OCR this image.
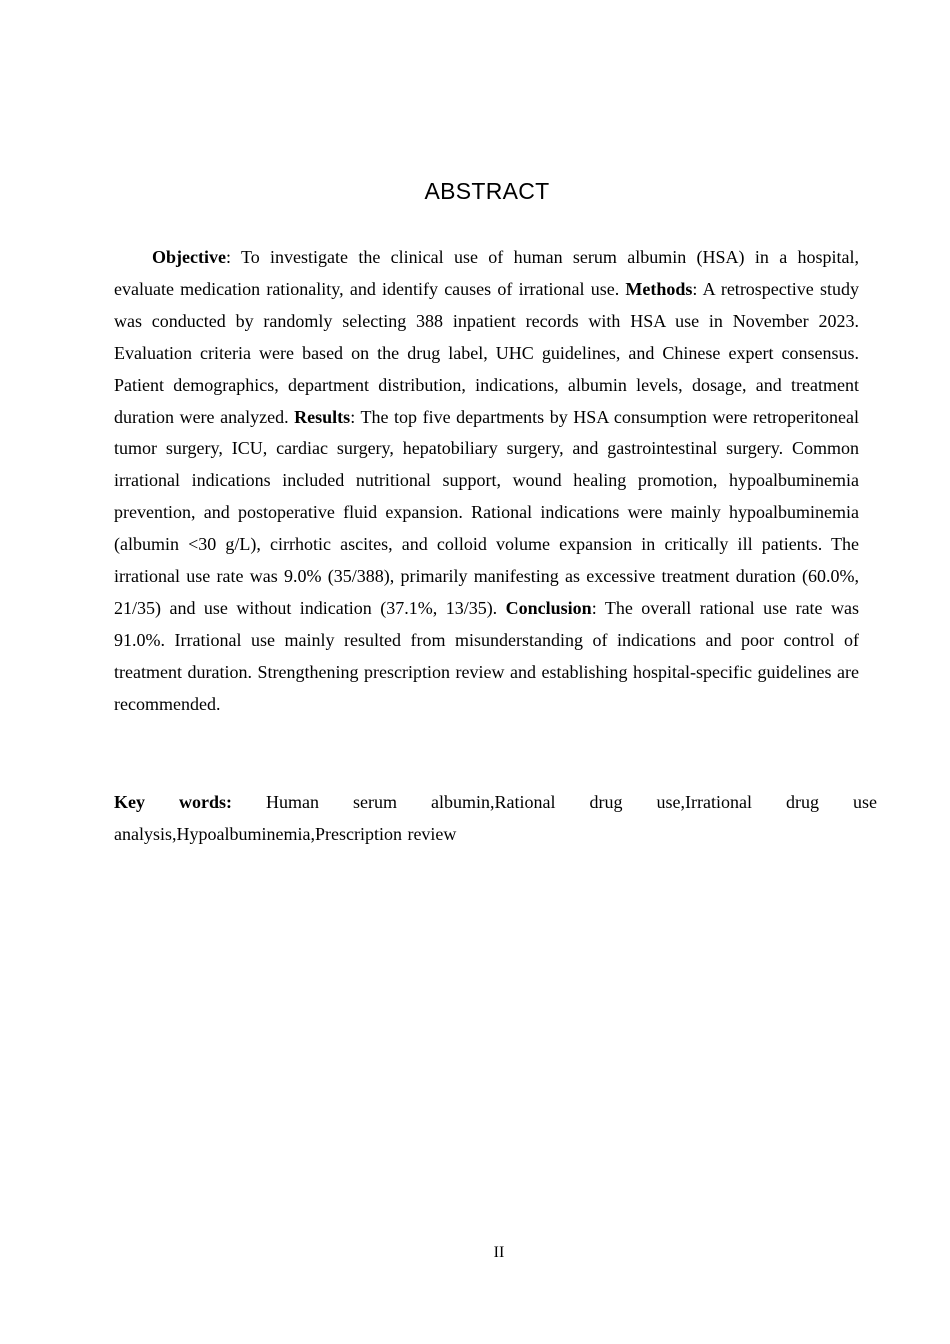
ABSTRACT

Objective: To investigate the clinical use of human serum albumin (HSA) in a hospital, evaluate medication rationality, and identify causes of irrational use. Methods: A retrospective study was conducted by randomly selecting 388 inpatient records with HSA use in November 2023. Evaluation criteria were based on the drug label, UHC guidelines, and Chinese expert consensus. Patient demographics, department distribution, indications, albumin levels, dosage, and treatment duration were analyzed. Results: The top five departments by HSA consumption were retroperitoneal tumor surgery, ICU, cardiac surgery, hepatobiliary surgery, and gastrointestinal surgery. Common irrational indications included nutritional support, wound healing promotion, hypoalbuminemia prevention, and postoperative fluid expansion. Rational indications were mainly hypoalbuminemia (albumin <30 g/L), cirrhotic ascites, and colloid volume expansion in critically ill patients. The irrational use rate was 9.0% (35/388), primarily manifesting as excessive treatment duration (60.0%, 21/35) and use without indication (37.1%, 13/35). Conclusion: The overall rational use rate was 91.0%. Irrational use mainly resulted from misunderstanding of indications and poor control of treatment duration. Strengthening prescription review and establishing hospital-specific guidelines are recommended.

Key words: Human serum albumin,Rational drug use,Irrational drug use analysis,Hypoalbuminemia,Prescription review

II
